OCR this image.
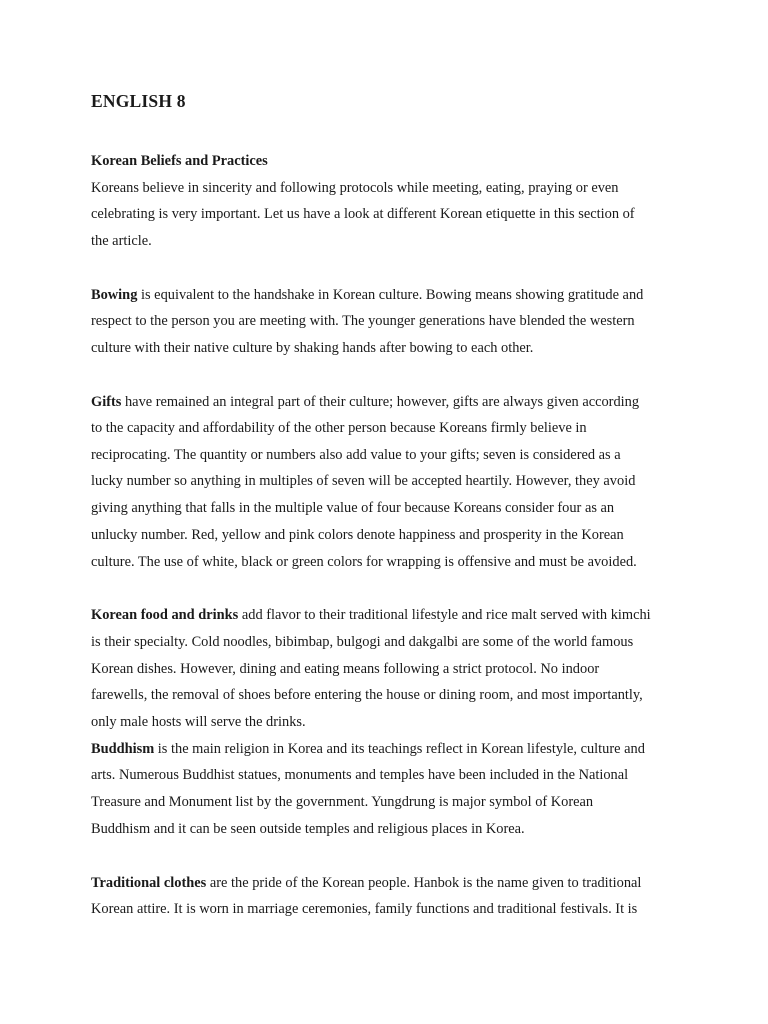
ENGLISH 8

Korean Beliefs and Practices

Koreans believe in sincerity and following protocols while meeting, eating, praying or even

celebrating is very important. Let us have a look at different Korean etiquette in this section of

the article.

Bowing is equivalent to the handshake in Korean culture. Bowing means showing gratitude and

respect to the person you are meeting with. The younger generations have blended the western

culture with their native culture by shaking hands after bowing to each other.

Gifts have remained an integral part of their culture; however, gifts are always given according

to the capacity and affordability of the other person because Koreans firmly believe in

reciprocating. The quantity or numbers also add value to your gifts; seven is considered as a

lucky number so anything in multiples of seven will be accepted heartily. However, they avoid

giving anything that falls in the multiple value of four because Koreans consider four as an

unlucky number. Red, yellow and pink colors denote happiness and prosperity in the Korean

culture. The use of white, black or green colors for wrapping is offensive and must be avoided.

Korean food and drinks add flavor to their traditional lifestyle and rice malt served with kimchi

is their specialty. Cold noodles, bibimbap, bulgogi and dakgalbi are some of the world famous

Korean dishes. However, dining and eating means following a strict protocol. No indoor

farewells, the removal of shoes before entering the house or dining room, and most importantly,

only male hosts will serve the drinks.

Buddhism is the main religion in Korea and its teachings reflect in Korean lifestyle, culture and

arts. Numerous Buddhist statues, monuments and temples have been included in the National

Treasure and Monument list by the government. Yungdrung is major symbol of Korean

Buddhism and it can be seen outside temples and religious places in Korea.

Traditional clothes are the pride of the Korean people. Hanbok is the name given to traditional

Korean attire. It is worn in marriage ceremonies, family functions and traditional festivals. It is
